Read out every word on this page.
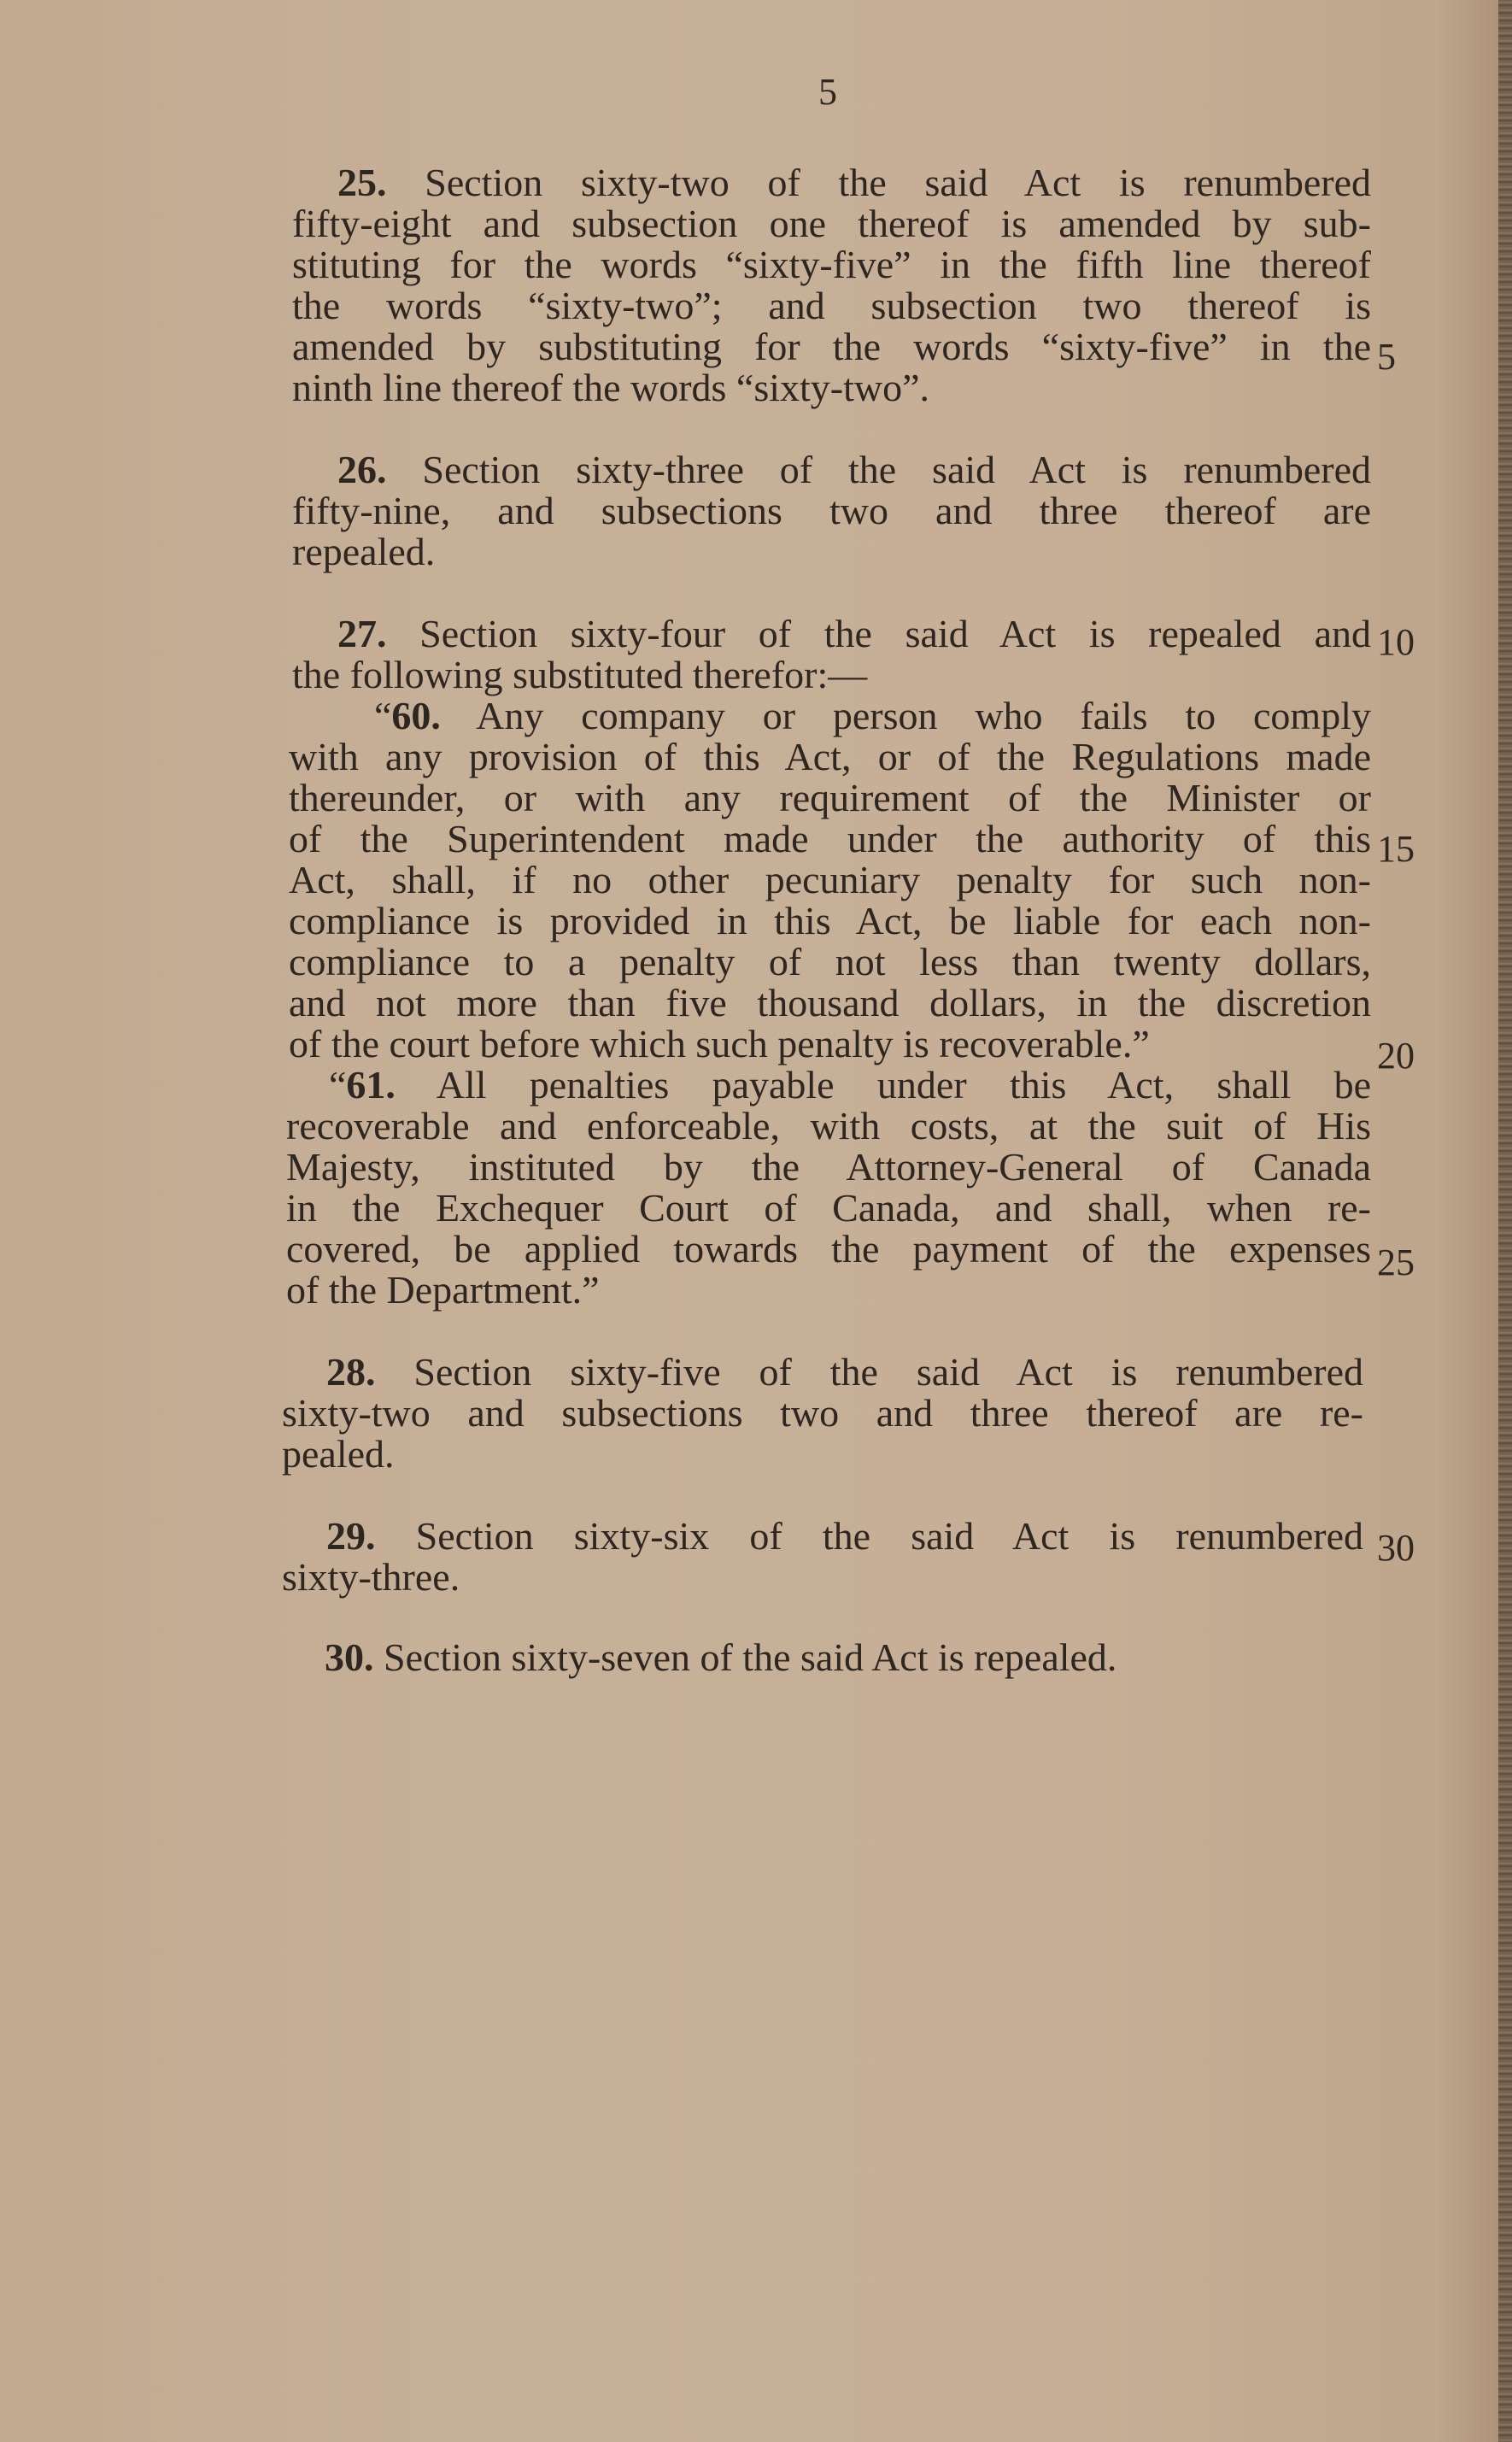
5
25. Section sixty-two of the said Act is renumbered
fifty-eight and subsection one thereof is amended by sub-
stituting for the words “sixty-five” in the fifth line thereof
the words “sixty-two”; and subsection two thereof is
amended by substituting for the words “sixty-five” in the
ninth line thereof the words “sixty-two”.
5
26. Section sixty-three of the said Act is renumbered
fifty-nine, and subsections two and three thereof are
repealed.
27. Section sixty-four of the said Act is repealed and 10
the following substituted therefor:—
“60. Any company or person who fails to comply
with any provision of this Act, or of the Regulations made
thereunder, or with any requirement of the Minister or
of the Superintendent made under the authority of this 15
Act, shall, if no other pecuniary penalty for such non-
compliance is provided in this Act, be liable for each non-
compliance to a penalty of not less than twenty dollars,
and not more than five thousand dollars, in the discretion
of the court before which such penalty is recoverable.”	20
“61. All penalties payable under this Act, shall be
recoverable and enforceable, with costs, at the suit of His
Majesty, instituted by the Attorney-General of Canada
in the Exchequer Court of Canada, and shall, when re-
covered, be applied towards the payment of the expenses 25
of the Department.”
28. Section sixty-five of the said Act is renumbered
sixty-two and subsections two and three thereof are re-
pealed.
29. Section sixty-six of the said Act is renumbered 30
sixty-three.
30. Section sixty-seven of the said Act is repealed.
